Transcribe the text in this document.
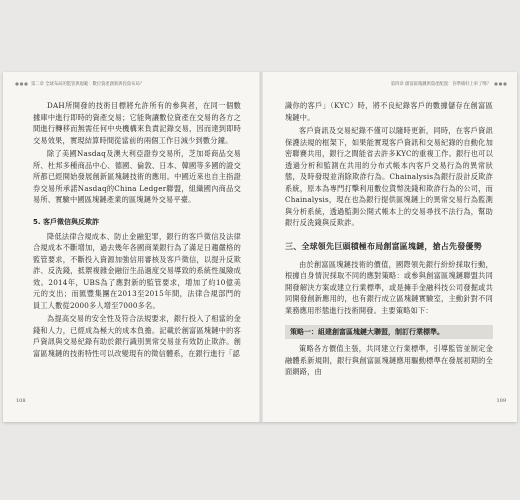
第二章 全球布局的監管與規範：數位資產創新與投資布局？

DAH所開發的技術目標將允許所有的參與者，在同一個數據庫中進行即時的資產交易；它能夠讓數位資產在交易的各方之間進行轉移而無需任何中央機構來負責記錄交易，因而達到即時交易效果，實現結算時間從當前的兩個工作日減少到數分鐘。

除了美國Nasdaq及澳大利亞證券交易所，芝加哥商品交易所、杜邦多種商品中心、德國、倫敦、日本、韓國等多國的證交所都已經開始發展創新區塊鏈技術的應用。中國近來也自主指證券交易所承諾Nasdaq的China Ledger聯盟，組織國內商品交易所、實驗中國區塊鏈產業的區塊鏈外交易平臺。

5. 客戶徵信與反欺詐

降低法律合規成本、防止金融犯罪，銀行的客戶徵信及法律合規成本不斷增加，過去幾年各國商業銀行為了滿足日趨嚴格的監管要求，不斷投入資源加強信用審核及客戶徵信，以提升反欺詐、反洗錢，抵禦複雜金融衍生品過度交易導致的系統性風險成效。2014年，UBS為了應對新的監管要求，增加了約10億美元的支出；而匯豐集團在2013至2015年間，法律合規部門的員工人數從2000多人增至7000多名。

為提高交易的安全性及符合法規要求，銀行投入了相當的金錢和人力，已經成為極大的成本負擔。記載於創富區塊鏈中的客戶資訊與交易紀錄有助於銀行識別異常交易並有效防止欺詐。創富區塊鏈的技術特性可以改變現有的徵信體系，在銀行進行「認

108
第四章 創富區塊鏈與資產配置：你準備好上車了嗎？

識你的客戶」（KYC）時，將不良紀錄客戶的數據儲存在創富區塊鏈中。

客戶資訊及交易紀錄不僅可以隨時更新，同時，在客戶資訊保護法規的框架下，如果能實現客戶資訊和交易紀錄的自動化加密聯賽共用，銀行之間能省去許多KYC的重複工作。銀行也可以透過分析和監測在共用的分布式帳本內客戶交易行為的異常狀態，及時發現並消除欺詐行為。Chainalysis為銀行設計反欺詐系統，原本為專門打擊利用數位貨幣洗錢和欺詐行為的公司，而Chainalysis，現在也為銀行提供區塊鏈上的異常交易行為監測與分析系統，透過監測公開式帳本上的交易尋找不法行為，幫助銀行反洗錢與反欺詐。

三、全球領先巨頭積極布局創富區塊鏈，搶占先發優勢

由於創富區塊鏈技術的價值，國際領先銀行紛紛採取行動，根據自身情況採取不同的應對策略：或參與創富區塊鏈聯盟共同開發解決方案或建立行業標準，或是擁手金融科技公司發掘或共同開發創新應用的，也有銀行成立區塊鏈實驗室，主動針對不同業務應用形態進行技術開發。主要策略如下：

策略一：組建創富區塊鏈大聯盟，制訂行業標準。

策略各方價值主張，共同建立行業標準，引導監管並制定金融體系新規則，銀行與創富區塊鏈應用驅動標準在發展初期的全面網路，由

109
